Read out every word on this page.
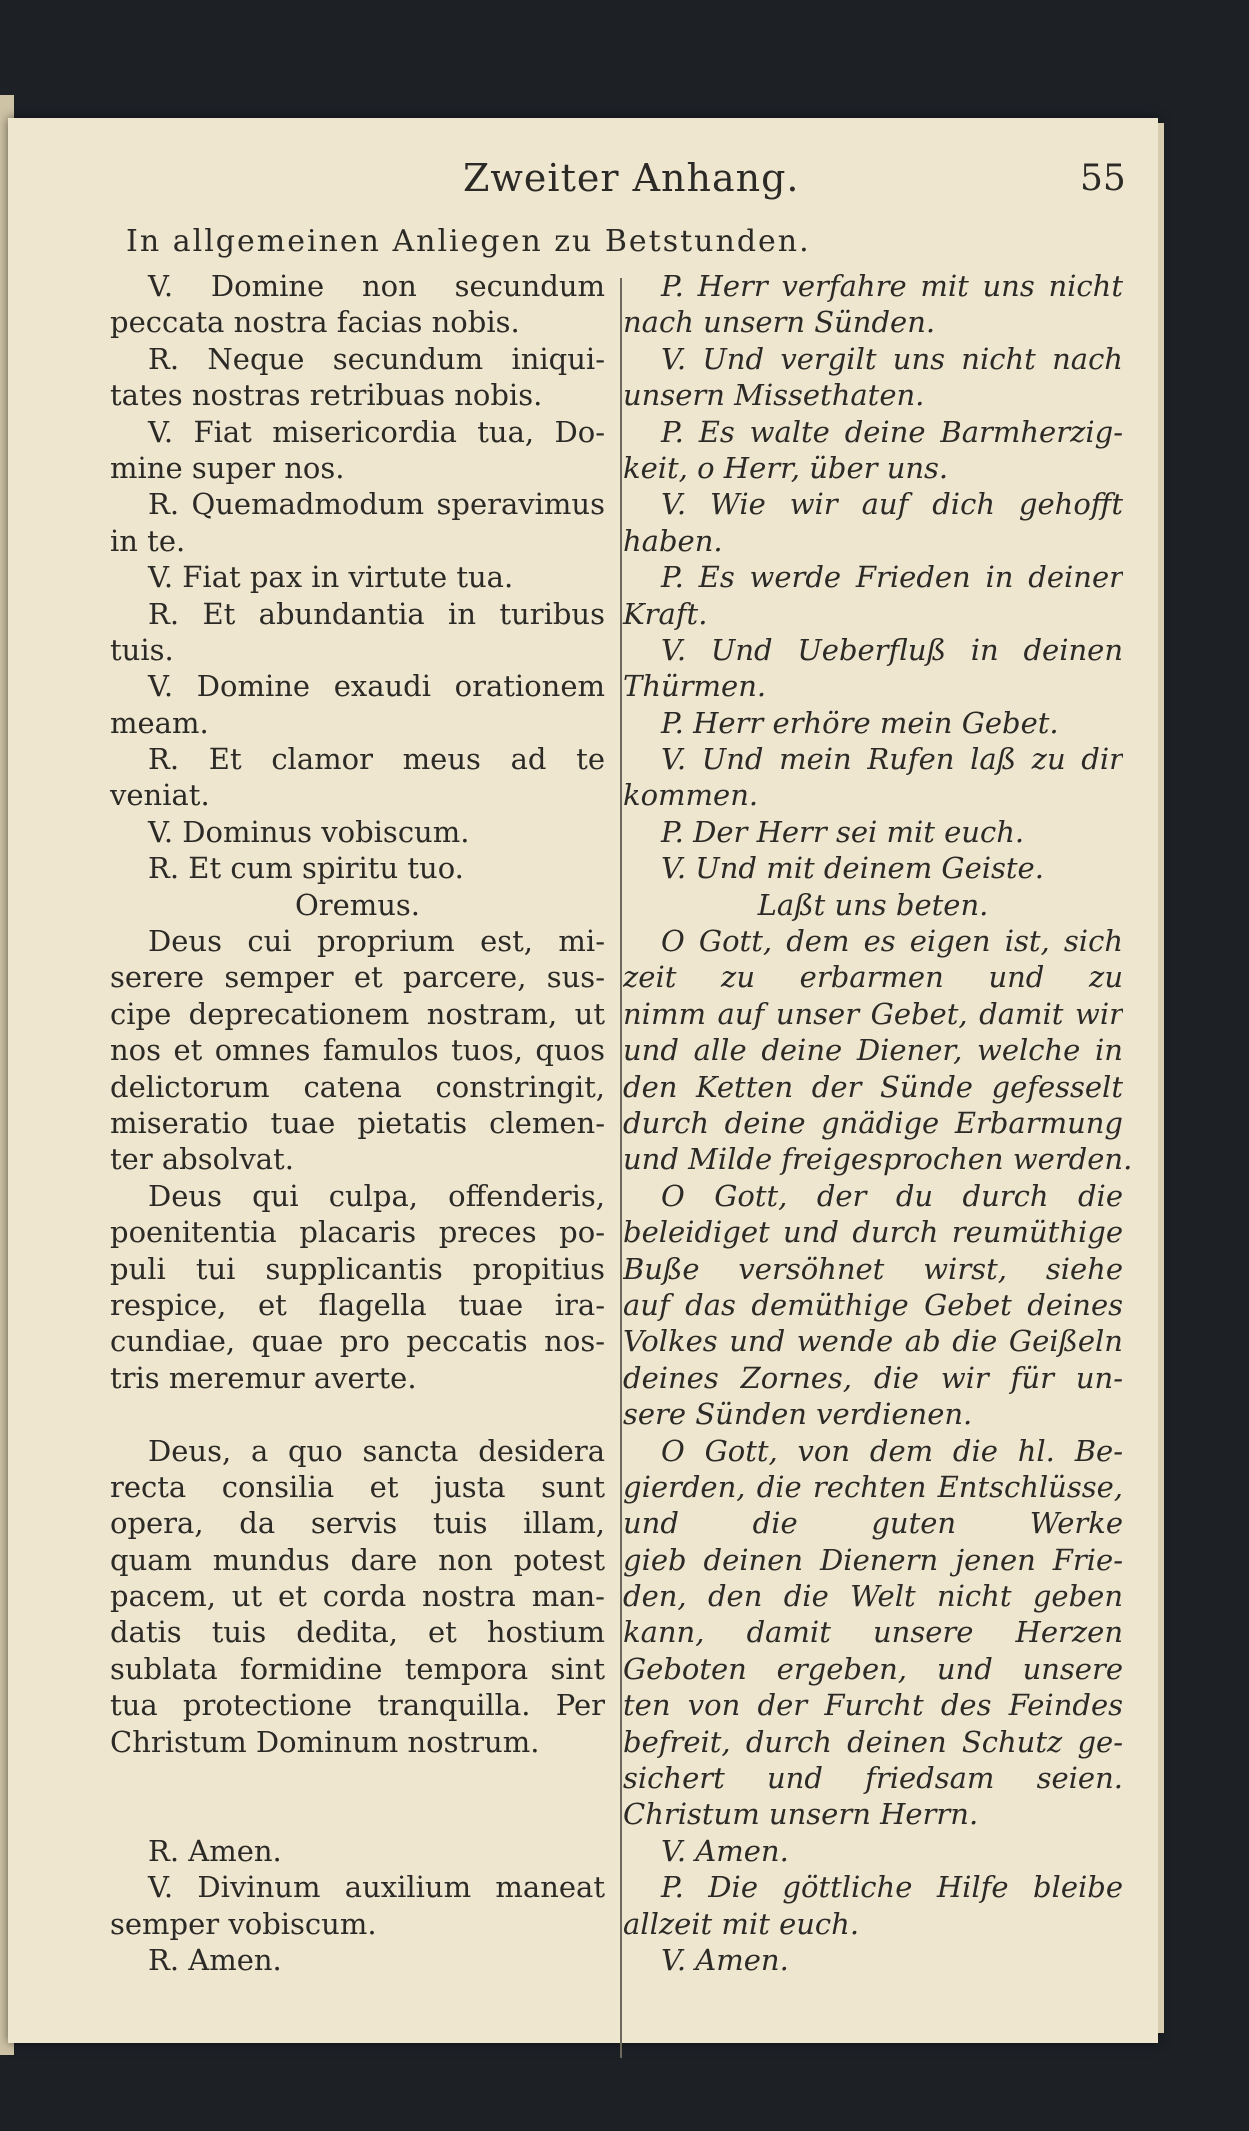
Zweiter Anhang.	55
In allgemeinen Anliegen zu Betstunden.
V. Domine non secundum
peccata nostra facias nobis.
R. Neque secundum iniqui-
tates nostras retribuas nobis.
V. Fiat misericordia tua, Do-
mine super nos.
R. Quemadmodum speravimus
in te.
V. Fiat pax in virtute tua.
R. Et abundantia in turibus
tuis.
V. Domine exaudi orationem
meam.
R. Et clamor meus ad te
veniat.
V. Dominus vobiscum.
R. Et cum spiritu tuo.
Oremus.
Deus cui proprium est, mi-
serere semper et parcere, sus-
cipe deprecationem nostram, ut
nos et omnes famulos tuos, quos
delictorum catena constringit,
miseratio tuae pietatis clemen-
ter absolvat.
Deus qui culpa, offenderis,
poenitentia placaris preces po-
puli tui supplicantis propitius
respice, et flagella tuae ira-
cundiae, quae pro peccatis nos-
tris meremur averte.
Deus, a quo sancta desidera
recta consilia et justa sunt
opera, da servis tuis illam,
quam mundus dare non potest
pacem, ut et corda nostra man-
datis tuis dedita, et hostium
sublata formidine tempora sint
tua protectione tranquilla. Per
Christum Dominum nostrum.
R. Amen.
V. Divinum auxilium maneat
semper vobiscum.
R. Amen.
P. Herr verfahre mit uns nicht
nach unsern Sünden.
V. Und vergilt uns nicht nach
unsern Missethaten.
P. Es walte deine Barmherzig-
keit, o Herr, über uns.
V. Wie wir auf dich gehofft
haben.
P. Es werde Frieden in deiner
Kraft.
V. Und Ueberfluß in deinen
Thürmen.
P. Herr erhöre mein Gebet.
V. Und mein Rufen laß zu dir
kommen.
P. Der Herr sei mit euch.
V. Und mit deinem Geiste.
Laßt uns beten.
O Gott, dem es eigen ist, sich
zeit zu erbarmen und zu
nimm auf unser Gebet, damit wir
und alle deine Diener, welche in
den Ketten der Sünde gefesselt
durch deine gnädige Erbarmung
und Milde freigesprochen werden.
O Gott, der du durch die
beleidiget und durch reumüthige
Buße versöhnet wirst, siehe
auf das demüthige Gebet deines
Volkes und wende ab die Geißeln
deines Zornes, die wir für un-
sere Sünden verdienen.
O Gott, von dem die hl. Be-
gierden, die rechten Entschlüsse,
und die guten Werke
gieb deinen Dienern jenen Frie-
den, den die Welt nicht geben
kann, damit unsere Herzen
Geboten ergeben, und unsere
ten von der Furcht des Feindes
befreit, durch deinen Schutz ge-
sichert und friedsam seien.
Christum unsern Herrn.
V. Amen.
P. Die göttliche Hilfe bleibe
allzeit mit euch.
V. Amen.
